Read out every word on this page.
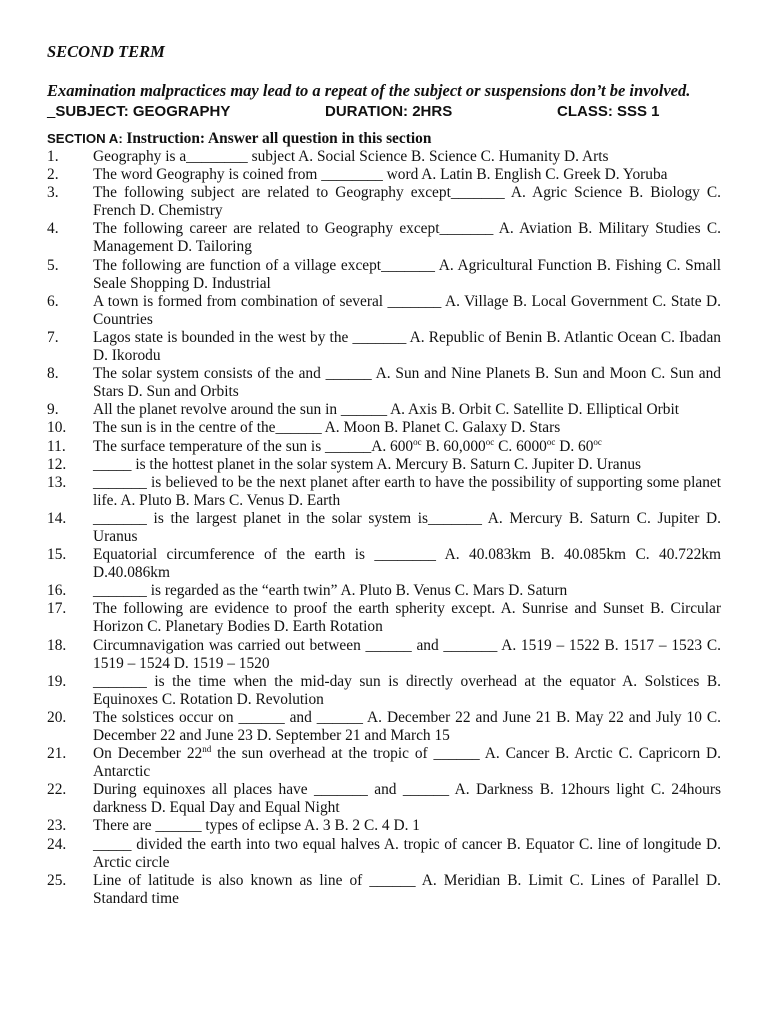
SECOND TERM

Examination malpractices may lead to a repeat of the subject or suspensions don’t be involved.

_SUBJECT: GEOGRAPHY	DURATION: 2HRS	CLASS: SSS 1
SECTION A: Instruction: Answer all question in this section
1. Geography is a________ subject A. Social Science B. Science C. Humanity D. Arts
2. The word Geography is coined from ________ word A. Latin B. English C. Greek D. Yoruba
3. The following subject are related to Geography except_______ A. Agric Science B. Biology C. French D. Chemistry
4. The following career are related to Geography except_______ A. Aviation B. Military Studies C. Management D. Tailoring
5. The following are function of a village except_______ A. Agricultural Function B. Fishing C. Small Seale Shopping D. Industrial
6. A town is formed from combination of several _______ A. Village B. Local Government C. State D. Countries
7. Lagos state is bounded in the west by the _______ A. Republic of Benin B. Atlantic Ocean C. Ibadan D. Ikorodu
8. The solar system consists of the and ______ A. Sun and Nine Planets B. Sun and Moon C. Sun and Stars D. Sun and Orbits
9. All the planet revolve around the sun in ______ A. Axis B. Orbit C. Satellite D. Elliptical Orbit
10. The sun is in the centre of the______ A. Moon B. Planet C. Galaxy D. Stars
11. The surface temperature of the sun is ______A. $600^{oc}$ B. $60,000^{oc}$ C. $6000^{oc}$ D. $60^{oc}$
12. _____ is the hottest planet in the solar system A. Mercury B. Saturn C. Jupiter D. Uranus
13. _______ is believed to be the next planet after earth to have the possibility of supporting some planet life. A. Pluto B. Mars C. Venus D. Earth
14. _______ is the largest planet in the solar system is_______ A. Mercury B. Saturn C. Jupiter D. Uranus
15. Equatorial circumference of the earth is ________ A. 40.083km B. 40.085km C. 40.722km D.40.086km
16. _______ is regarded as the “earth twin” A. Pluto B. Venus C. Mars D. Saturn
17. The following are evidence to proof the earth spherity except. A. Sunrise and Sunset B. Circular Horizon C. Planetary Bodies D. Earth Rotation
18. Circumnavigation was carried out between ______ and _______ A. 1519 – 1522 B. 1517 – 1523 C. 1519 – 1524 D. 1519 – 1520
19. _______ is the time when the mid-day sun is directly overhead at the equator A. Solstices B. Equinoxes C. Rotation D. Revolution
20. The solstices occur on ______ and ______ A. December 22 and June 21 B. May 22 and July 10 C. December 22 and June 23 D. September 21 and March 15
21. On December 22nd the sun overhead at the tropic of ______ A. Cancer B. Arctic C. Capricorn D. Antarctic
22. During equinoxes all places have _______ and ______ A. Darkness B. 12hours light C. 24hours darkness D. Equal Day and Equal Night
23. There are ______ types of eclipse A. 3 B. 2 C. 4 D. 1
24. _____ divided the earth into two equal halves A. tropic of cancer B. Equator C. line of longitude D. Arctic circle
25. Line of latitude is also known as line of ______ A. Meridian B. Limit C. Lines of Parallel D. Standard time
